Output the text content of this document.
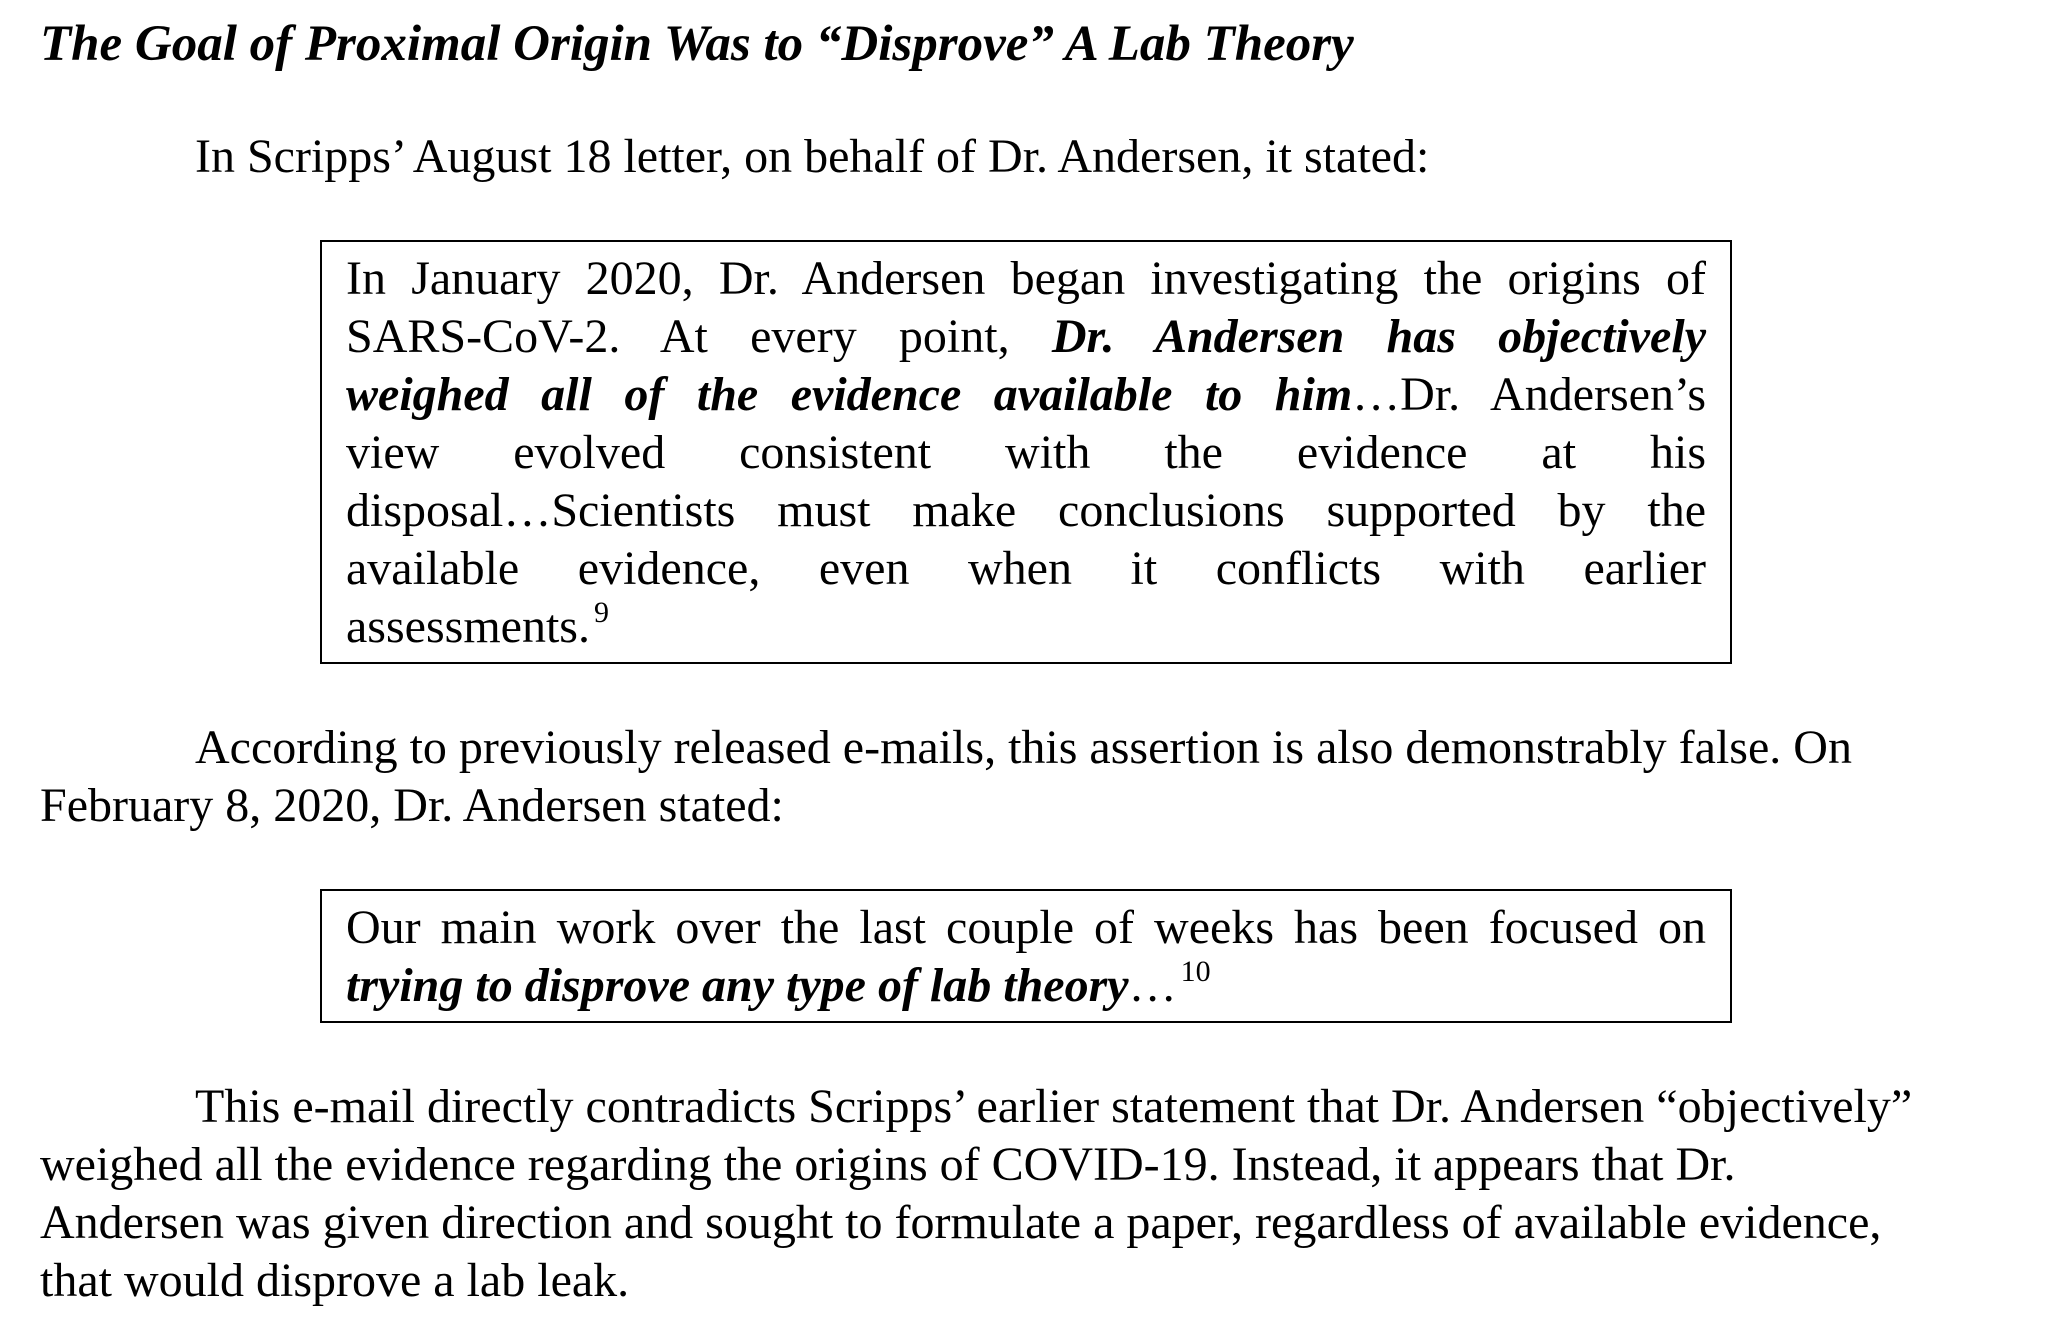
The Goal of Proximal Origin Was to “Disprove” A Lab Theory
In Scripps’ August 18 letter, on behalf of Dr. Andersen, it stated:
In January 2020, Dr. Andersen began investigating the origins of
SARS-CoV-2. At every point, Dr. Andersen has objectively
weighed all of the evidence available to him…Dr. Andersen’s
view evolved consistent with the evidence at his
disposal…Scientists must make conclusions supported by the
available evidence, even when it conflicts with earlier
assessments. $^9$
According to previously released e-mails, this assertion is also demonstrably false. On
February 8, 2020, Dr. Andersen stated:
Our main work over the last couple of weeks has been focused on
trying to disprove any type of lab theory… $^{10}$
This e-mail directly contradicts Scripps’ earlier statement that Dr. Andersen “objectively”
weighed all the evidence regarding the origins of COVID-19. Instead, it appears that Dr.
Andersen was given direction and sought to formulate a paper, regardless of available evidence,
that would disprove a lab leak.
